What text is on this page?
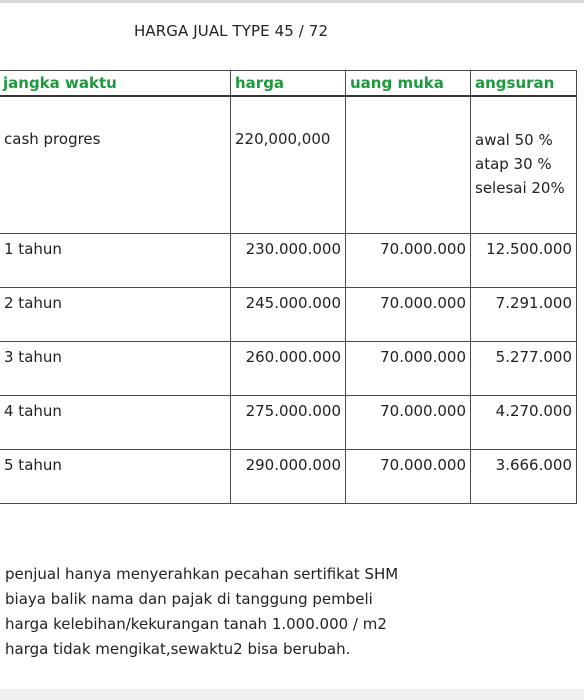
HARGA JUAL TYPE 45 / 72
jangka waktu	harga	uang muka	angsuran
cash progres	220,000,000		awal 50 %
atap 30 %
selesai 20%

1 tahun	230.000.000	70.000.000	12.500.000
2 tahun	245.000.000	70.000.000	7.291.000
3 tahun	260.000.000	70.000.000	5.277.000
4 tahun	275.000.000	70.000.000	4.270.000
5 tahun	290.000.000	70.000.000	3.666.000
penjual hanya menyerahkan pecahan sertifikat SHM
biaya balik nama dan pajak di tanggung pembeli
harga kelebihan/kekurangan tanah 1.000.000 / m2
harga tidak mengikat,sewaktu2 bisa berubah.
